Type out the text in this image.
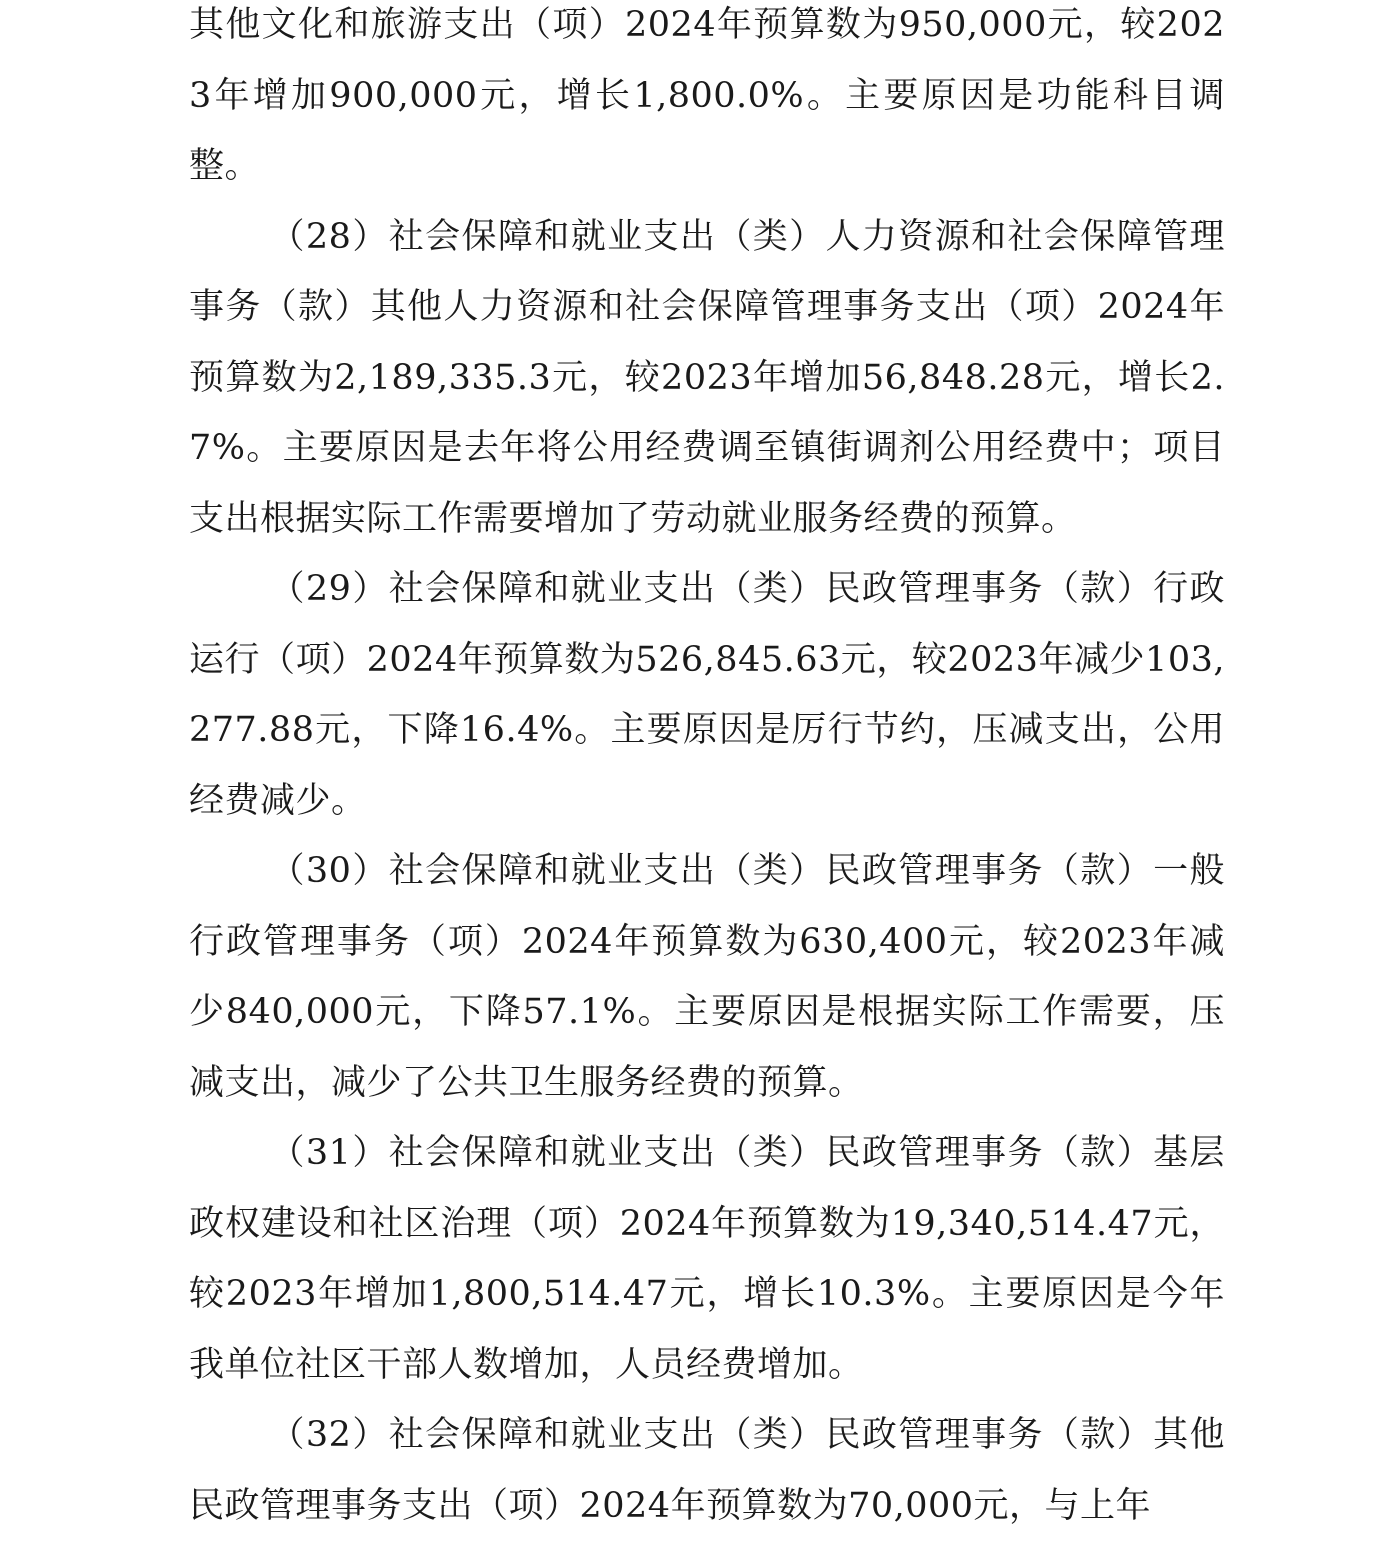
其他文化和旅游支出（项）2024年预算数为950,000元，较2023年增加900,000元，增长1,800.0%。主要原因是功能科目调整。

（28）社会保障和就业支出（类）人力资源和社会保障管理事务（款）其他人力资源和社会保障管理事务支出（项）2024年预算数为2,189,335.3元，较2023年增加56,848.28元，增长2.7%。主要原因是去年将公用经费调至镇街调剂公用经费中；项目支出根据实际工作需要增加了劳动就业服务经费的预算。

（29）社会保障和就业支出（类）民政管理事务（款）行政运行（项）2024年预算数为526,845.63元，较2023年减少103,277.88元，下降16.4%。主要原因是厉行节约，压减支出，公用经费减少。

（30）社会保障和就业支出（类）民政管理事务（款）一般行政管理事务（项）2024年预算数为630,400元，较2023年减少840,000元，下降57.1%。主要原因是根据实际工作需要，压减支出，减少了公共卫生服务经费的预算。

（31）社会保障和就业支出（类）民政管理事务（款）基层政权建设和社区治理（项）2024年预算数为19,340,514.47元，较2023年增加1,800,514.47元，增长10.3%。主要原因是今年我单位社区干部人数增加，人员经费增加。

（32）社会保障和就业支出（类）民政管理事务（款）其他民政管理事务支出（项）2024年预算数为70,000元，与上年
